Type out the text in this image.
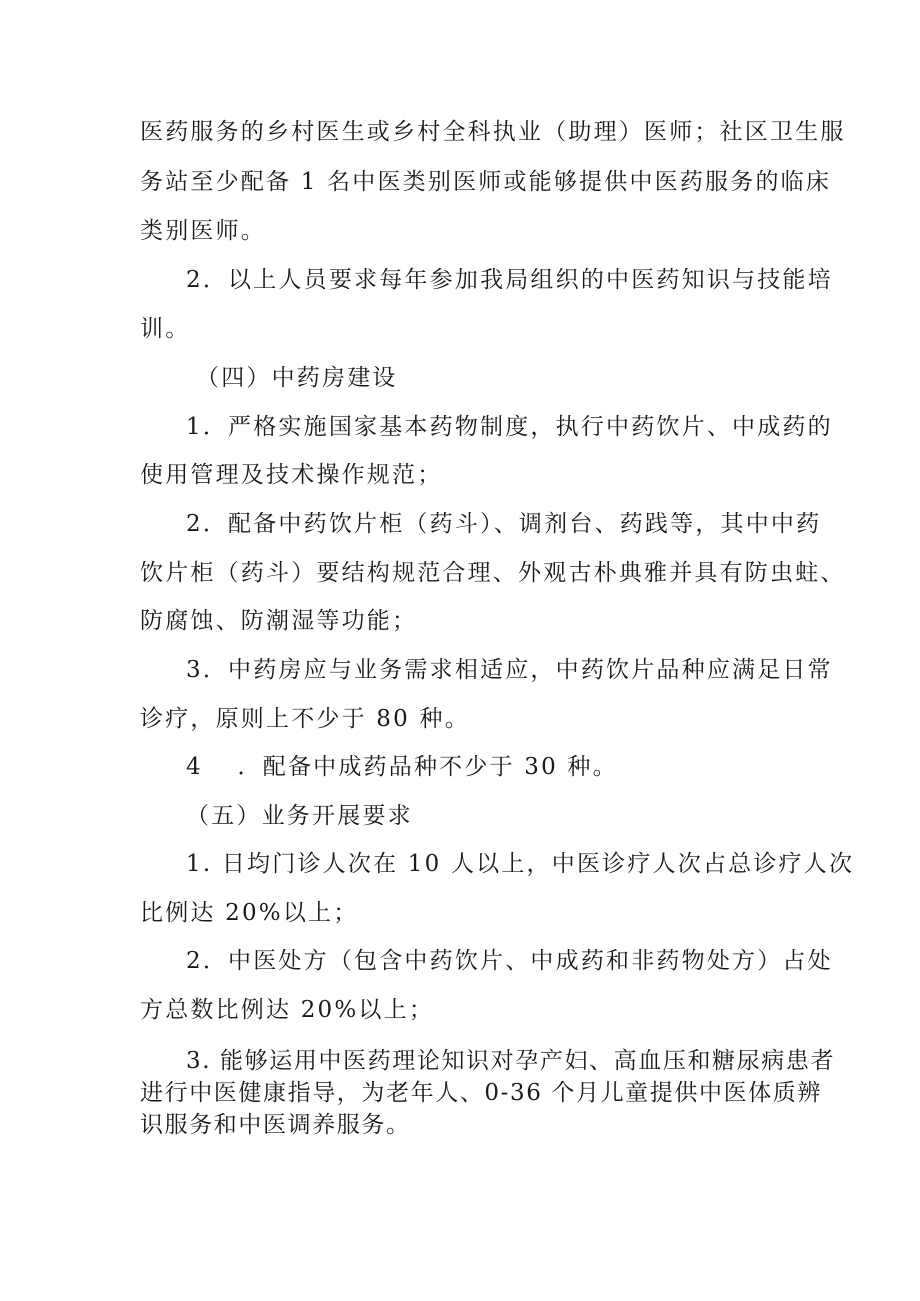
医药服务的乡村医生或乡村全科执业（助理）医师；社区卫生服
务站至少配备 1 名中医类别医师或能够提供中医药服务的临床
类别医师。
2．以上人员要求每年参加我局组织的中医药知识与技能培
训。
（四）中药房建设
1．严格实施国家基本药物制度，执行中药饮片、中成药的
使用管理及技术操作规范；
2．配备中药饮片柜（药斗）、调剂台、药践等，其中中药
饮片柜（药斗）要结构规范合理、外观古朴典雅并具有防虫蛀、
防腐蚀、防潮湿等功能；
3．中药房应与业务需求相适应，中药饮片品种应满足日常
诊疗，原则上不少于 80 种。
4 　．配备中成药品种不少于 30 种。
（五）业务开展要求
1. 日均门诊人次在 10 人以上，中医诊疗人次占总诊疗人次
比例达 20%以上；
2．中医处方（包含中药饮片、中成药和非药物处方）占处
方总数比例达 20%以上；
3. 能够运用中医药理论知识对孕产妇、高血压和糖尿病患者
进行中医健康指导，为老年人、0-36 个月儿童提供中医体质辨
识服务和中医调养服务。
